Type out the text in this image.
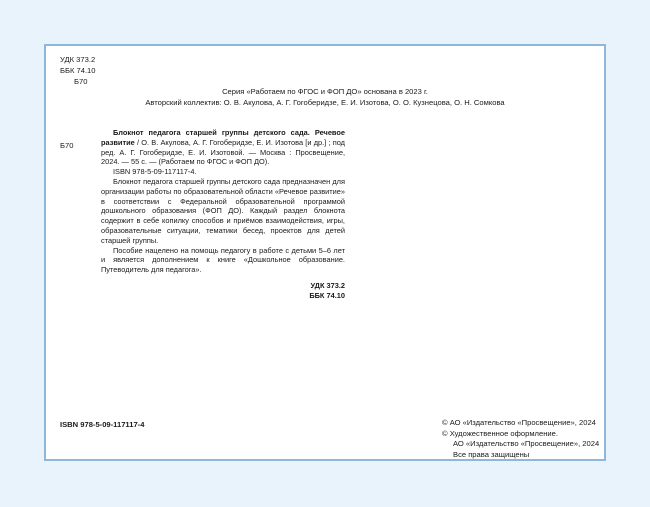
УДК 373.2
ББК 74.10
Б70
Серия «Работаем по ФГОС и ФОП ДО» основана в 2023 г.
Авторский коллектив: О. В. Акулова, А. Г. Гогоберидзе, Е. И. Изотова, О. О. Кузнецова, О. Н. Сомкова
Б70

Блокнот педагога старшей группы детского сада. Речевое развитие / О. В. Акулова, А. Г. Гогоберидзе, Е. И. Изотова [и др.] ; под ред. А. Г. Гогоберидзе, Е. И. Изотовой. — Москва : Просвещение, 2024. — 55 с. — (Работаем по ФГОС и ФОП ДО).

ISBN 978-5-09-117117-4.

Блокнот педагога старшей группы детского сада предназначен для организации работы по образовательной области «Речевое развитие» в соответствии с Федеральной образовательной программой дошкольного образования (ФОП ДО). Каждый раздел блокнота содержит в себе копилку способов и приёмов взаимодействия, игры, образовательные ситуации, тематики бесед, проектов для детей старшей группы.

Пособие нацелено на помощь педагогу в работе с детьми 5–6 лет и является дополнением к книге «Дошкольное образование. Путеводитель для педагога».

УДК 373.2

ББК 74.10

ISBN 978-5-09-117117-4	© АО «Издательство «Просвещение», 2024
© Художественное оформление.
АО «Издательство «Просвещение», 2024
Все права защищены
